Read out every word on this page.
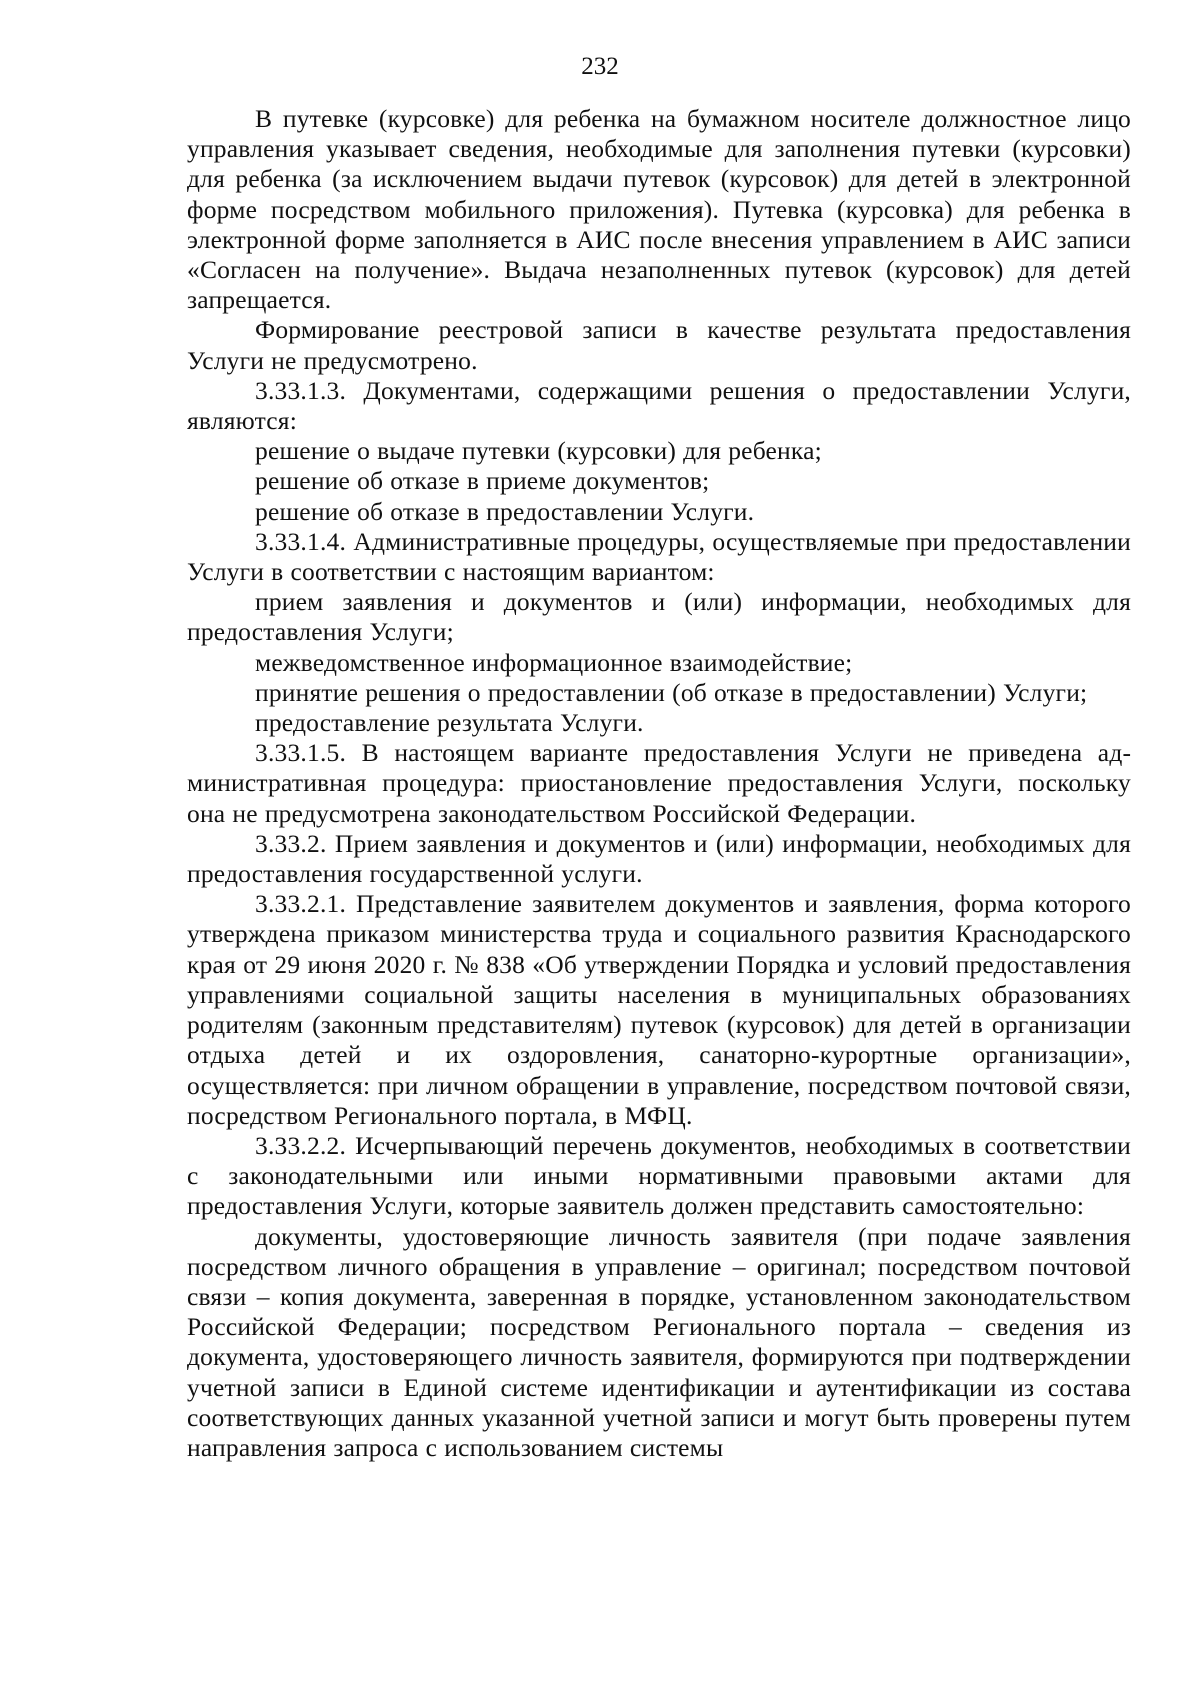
232

В путевке (курсовке) для ребенка на бумажном носителе должностное лицо управления указывает сведения, необходимые для заполнения путевки (курсовки) для ребенка (за исключением выдачи путевок (курсовок) для детей в электронной форме посредством мобильного приложения). Путевка (курсовка) для ребенка в электронной форме заполняется в АИС после внесения управлением в АИС записи «Согласен на получение». Выдача незаполненных путевок (курсовок) для детей запрещается.

Формирование реестровой записи в качестве результата предоставления Услуги не предусмотрено.

3.33.1.3. Документами, содержащими решения о предоставлении Услуги, являются:

решение о выдаче путевки (курсовки) для ребенка;

решение об отказе в приеме документов;

решение об отказе в предоставлении Услуги.

3.33.1.4. Административные процедуры, осуществляемые при предоставлении Услуги в соответствии с настоящим вариантом:

прием заявления и документов и (или) информации, необходимых для предоставления Услуги;

межведомственное информационное взаимодействие;

принятие решения о предоставлении (об отказе в предоставлении) Услуги;

предоставление результата Услуги.

3.33.1.5. В настоящем варианте предоставления Услуги не приведена административная процедура: приостановление предоставления Услуги, поскольку она не предусмотрена законодательством Российской Федерации.

3.33.2. Прием заявления и документов и (или) информации, необходимых для предоставления государственной услуги.

3.33.2.1. Представление заявителем документов и заявления, форма которого утверждена приказом министерства труда и социального развития Краснодарского края от 29 июня 2020 г. № 838 «Об утверждении Порядка и условий предоставления управлениями социальной защиты населения в муниципальных образованиях родителям (законным представителям) путевок (курсовок) для детей в организации отдыха детей и их оздоровления, санаторно-курортные организации», осуществляется: при личном обращении в управление, посредством почтовой связи, посредством Регионального портала, в МФЦ.

3.33.2.2. Исчерпывающий перечень документов, необходимых в соответствии с законодательными или иными нормативными правовыми актами для предоставления Услуги, которые заявитель должен представить самостоятельно:

документы, удостоверяющие личность заявителя (при подаче заявления посредством личного обращения в управление – оригинал; посредством почтовой связи – копия документа, заверенная в порядке, установленном законодательством Российской Федерации; посредством Регионального портала – сведения из документа, удостоверяющего личность заявителя, формируются при подтверждении учетной записи в Единой системе идентификации и аутентификации из состава соответствующих данных указанной учетной записи и могут быть проверены путем направления запроса с использованием системы
